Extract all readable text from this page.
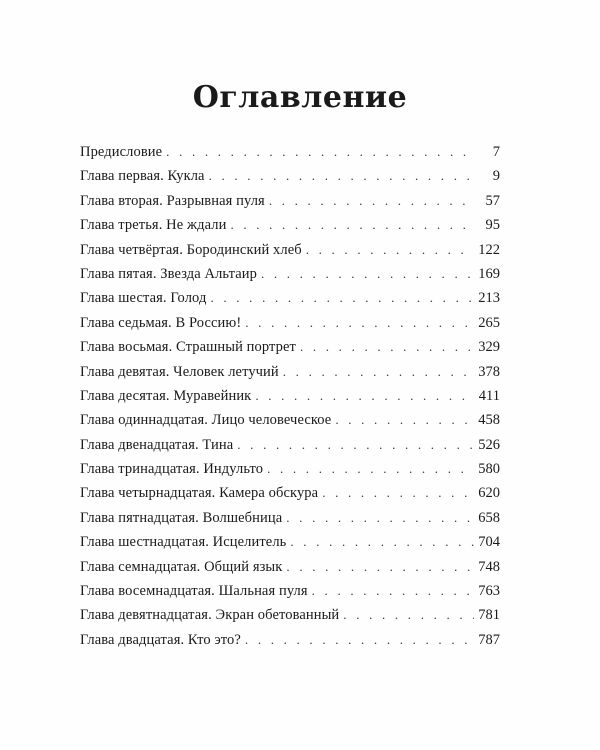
Оглавление
Предисловие . . .	7
Глава первая. Кукла . . .	9
Глава вторая. Разрывная пуля . . .	57
Глава третья. Не ждали . . .	95
Глава четвёртая. Бородинский хлеб . . .	122
Глава пятая. Звезда Альтаир . . .	169
Глава шестая. Голод . . .	213
Глава седьмая. В Россию! . . .	265
Глава восьмая. Страшный портрет . . .	329
Глава девятая. Человек летучий . . .	378
Глава десятая. Муравейник . . .	411
Глава одиннадцатая. Лицо человеческое . . .	458
Глава двенадцатая. Тина . . .	526
Глава тринадцатая. Индульто . . .	580
Глава четырнадцатая. Камера обскура . . .	620
Глава пятнадцатая. Волшебница . . .	658
Глава шестнадцатая. Исцелитель . . .	704
Глава семнадцатая. Общий язык . . .	748
Глава восемнадцатая. Шальная пуля . . .	763
Глава девятнадцатая. Экран обетованный . . .	781
Глава двадцатая. Кто это? . . .	787
